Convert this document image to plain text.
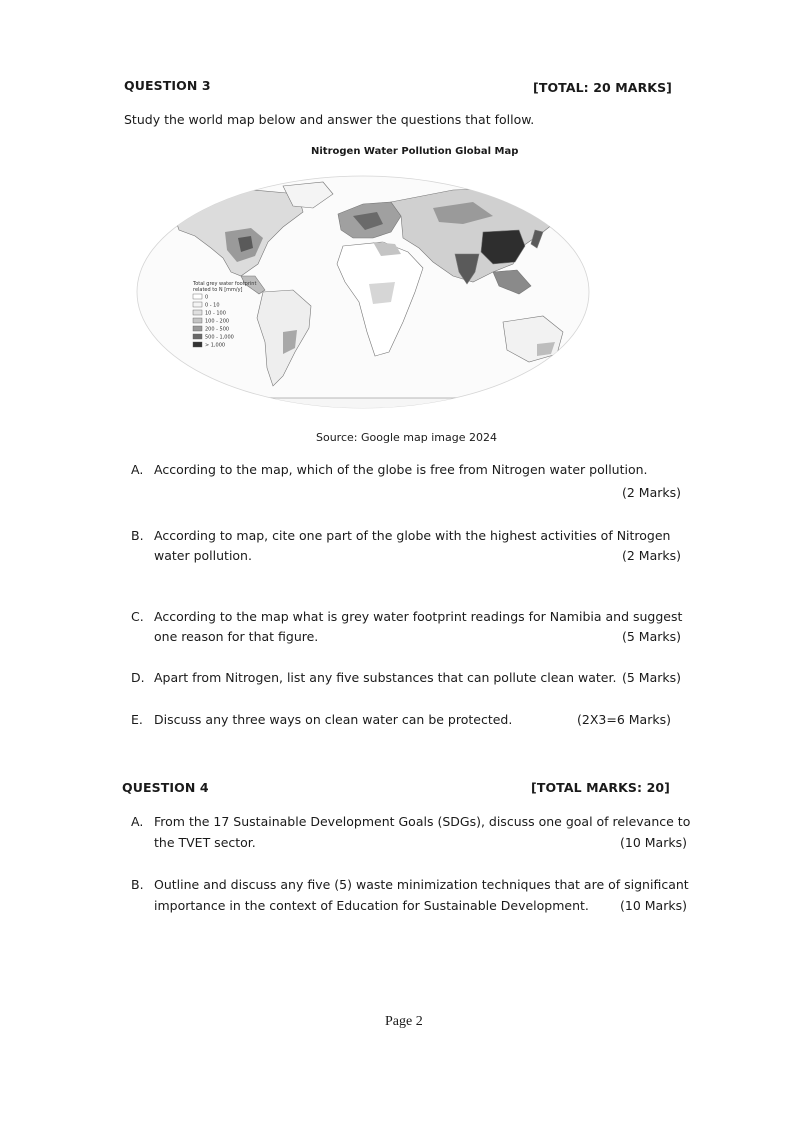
QUESTION 3	[TOTAL: 20 MARKS]
Study the world map below and answer the questions that follow.
Nitrogen Water Pollution Global Map
Total grey water footprint
related to N [mm/y]
0
0 - 10
10 - 100
100 - 200
200 - 500
500 - 1,000
> 1,000
Source: Google map image 2024
A. According to the map, which of the globe is free from Nitrogen water pollution.
(2 Marks)
B. According to map, cite one part of the globe with the highest activities of Nitrogen
water pollution.	(2 Marks)
C. According to the map what is grey water footprint readings for Namibia and suggest
one reason for that figure.	(5 Marks)
D. Apart from Nitrogen, list any five substances that can pollute clean water. (5 Marks)
E. Discuss any three ways on clean water can be protected.	(2X3=6 Marks)
QUESTION 4	[TOTAL MARKS: 20]
A. From the 17 Sustainable Development Goals (SDGs), discuss one goal of relevance to
the TVET sector.	(10 Marks)
B. Outline and discuss any five (5) waste minimization techniques that are of significant
importance in the context of Education for Sustainable Development. (10 Marks)
Page 2
